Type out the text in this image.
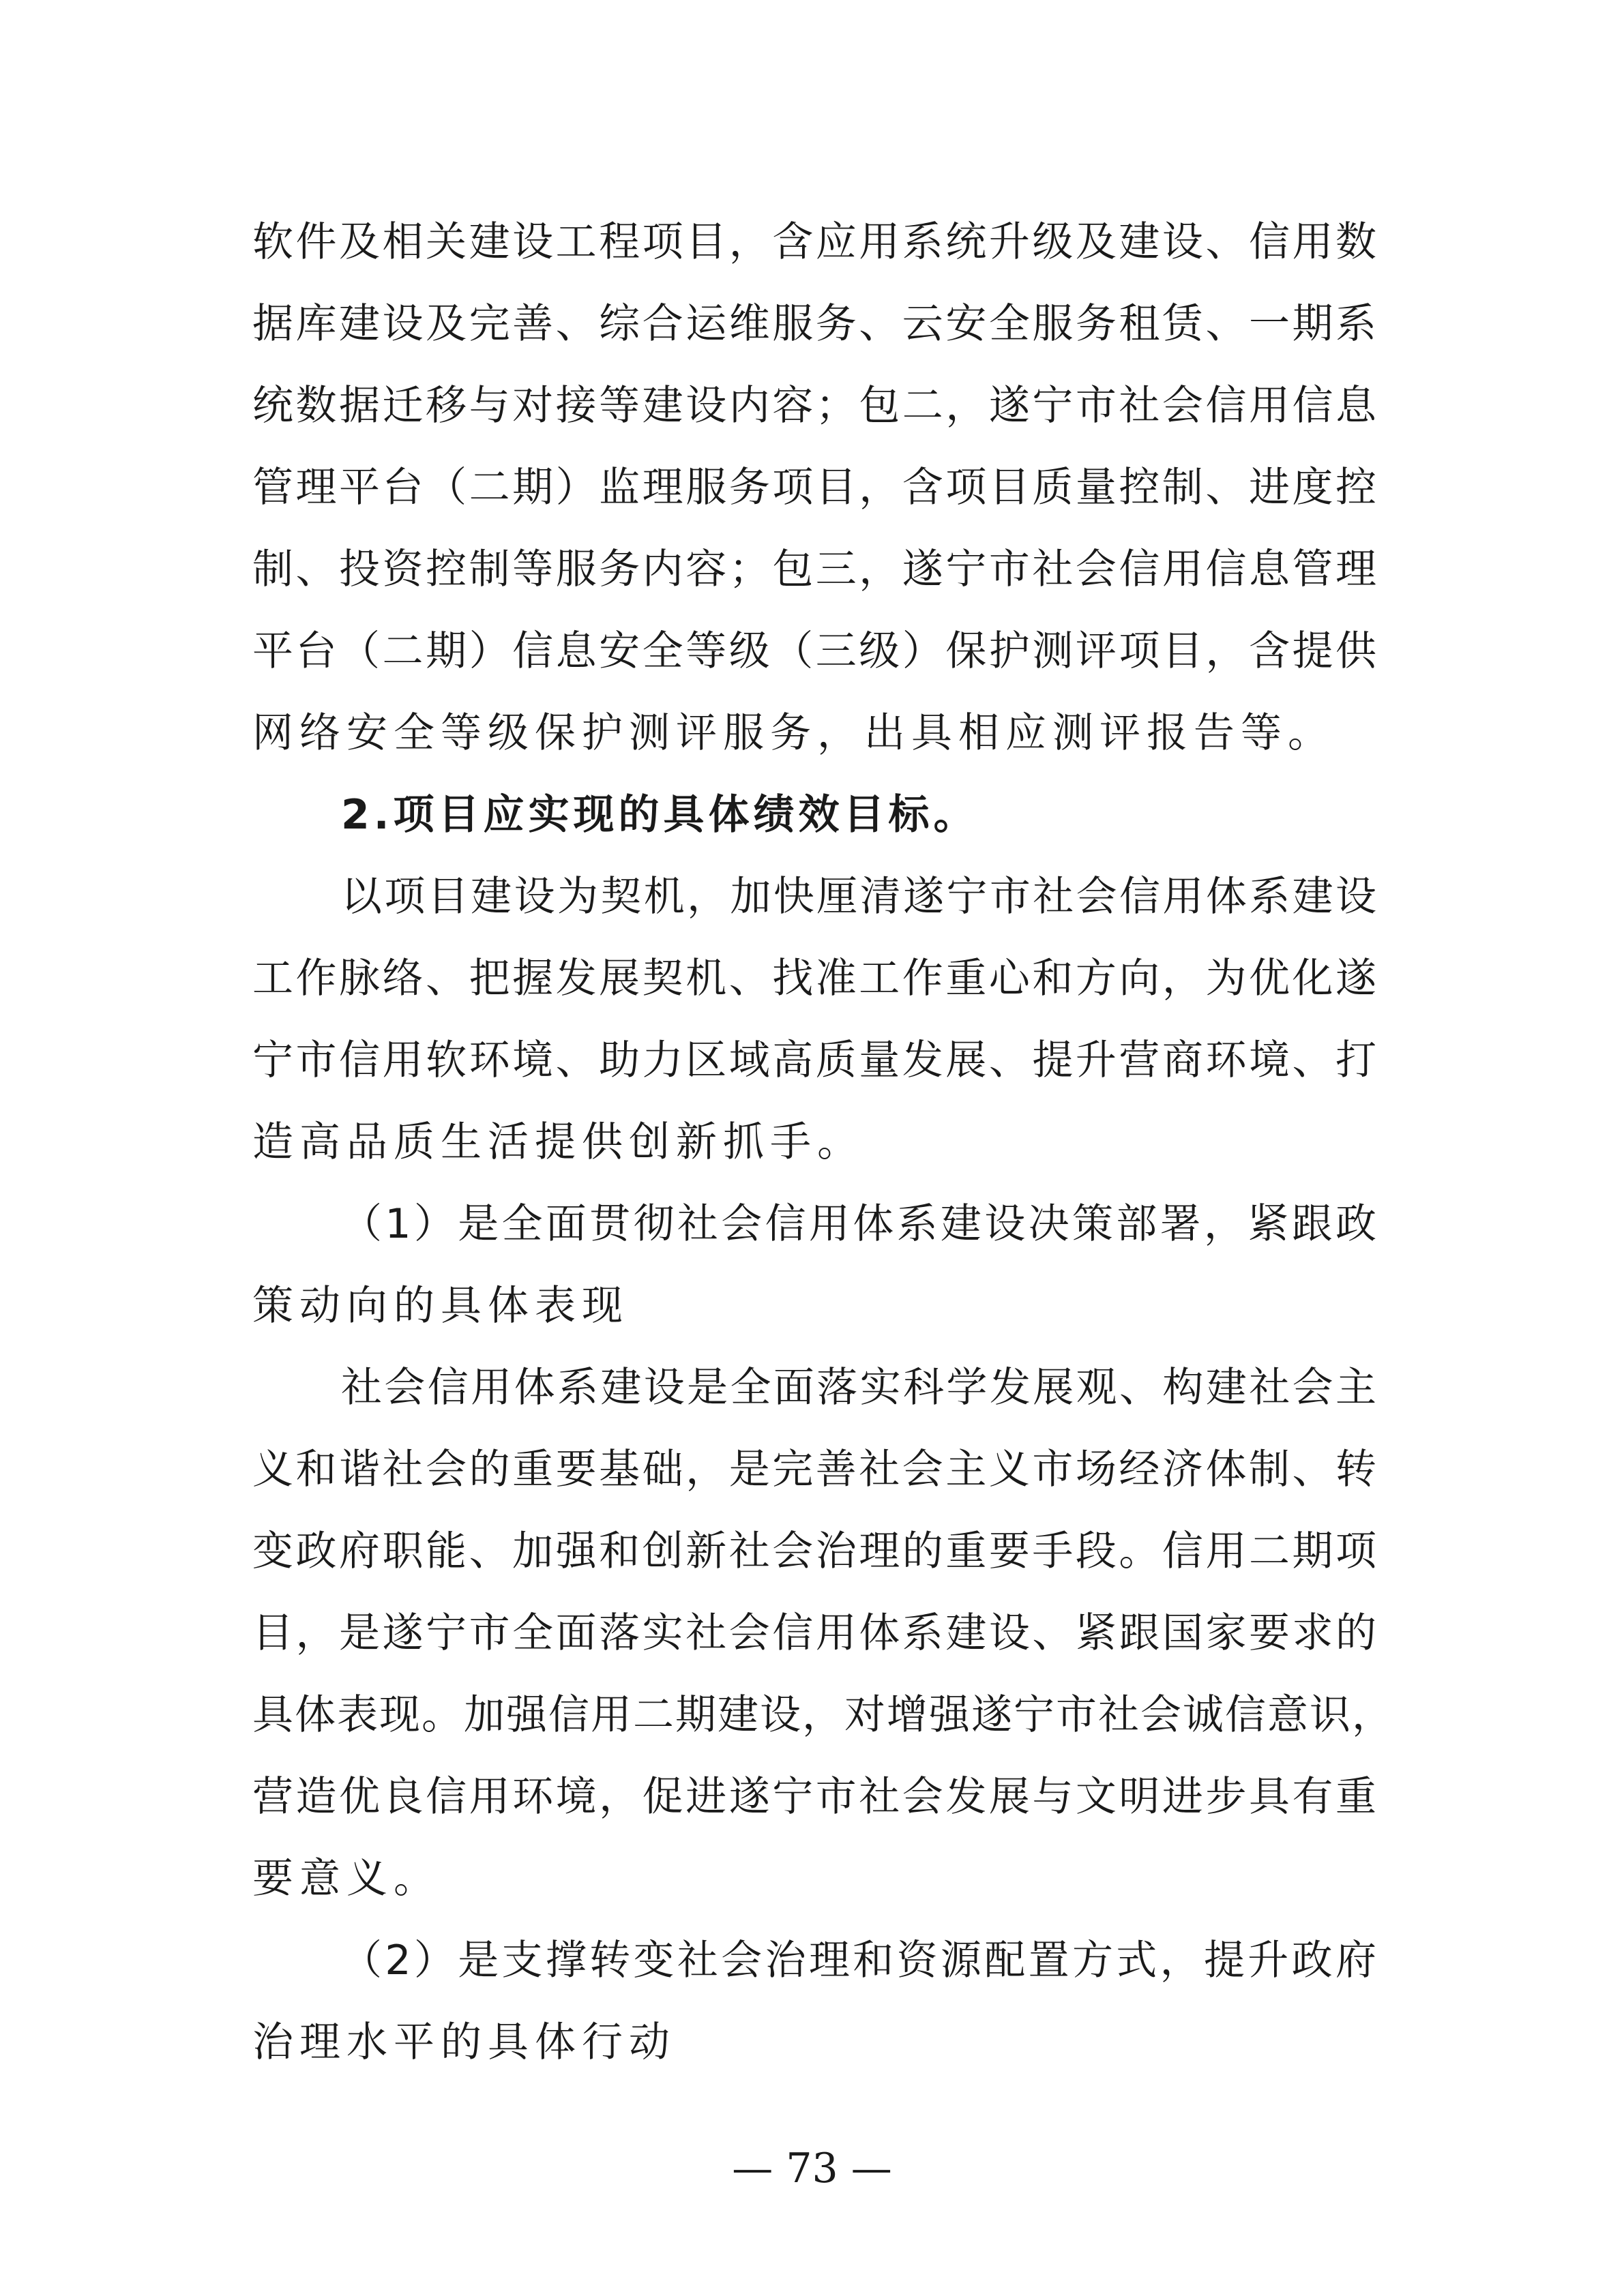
软件及相关建设工程项目，含应用系统升级及建设、信用数
据库建设及完善、综合运维服务、云安全服务租赁、一期系
统数据迁移与对接等建设内容；包二，遂宁市社会信用信息
管理平台（二期）监理服务项目，含项目质量控制、进度控
制、投资控制等服务内容；包三，遂宁市社会信用信息管理
平台（二期）信息安全等级（三级）保护测评项目，含提供
网络安全等级保护测评服务，出具相应测评报告等。
2.项目应实现的具体绩效目标。
以项目建设为契机，加快厘清遂宁市社会信用体系建设
工作脉络、把握发展契机、找准工作重心和方向，为优化遂
宁市信用软环境、助力区域高质量发展、提升营商环境、打
造高品质生活提供创新抓手。
（1）是全面贯彻社会信用体系建设决策部署，紧跟政
策动向的具体表现
社会信用体系建设是全面落实科学发展观、构建社会主
义和谐社会的重要基础，是完善社会主义市场经济体制、转
变政府职能、加强和创新社会治理的重要手段。信用二期项
目，是遂宁市全面落实社会信用体系建设、紧跟国家要求的
具体表现。加强信用二期建设，对增强遂宁市社会诚信意识，
营造优良信用环境，促进遂宁市社会发展与文明进步具有重
要意义。
（2）是支撑转变社会治理和资源配置方式，提升政府
治理水平的具体行动
— 73 —
